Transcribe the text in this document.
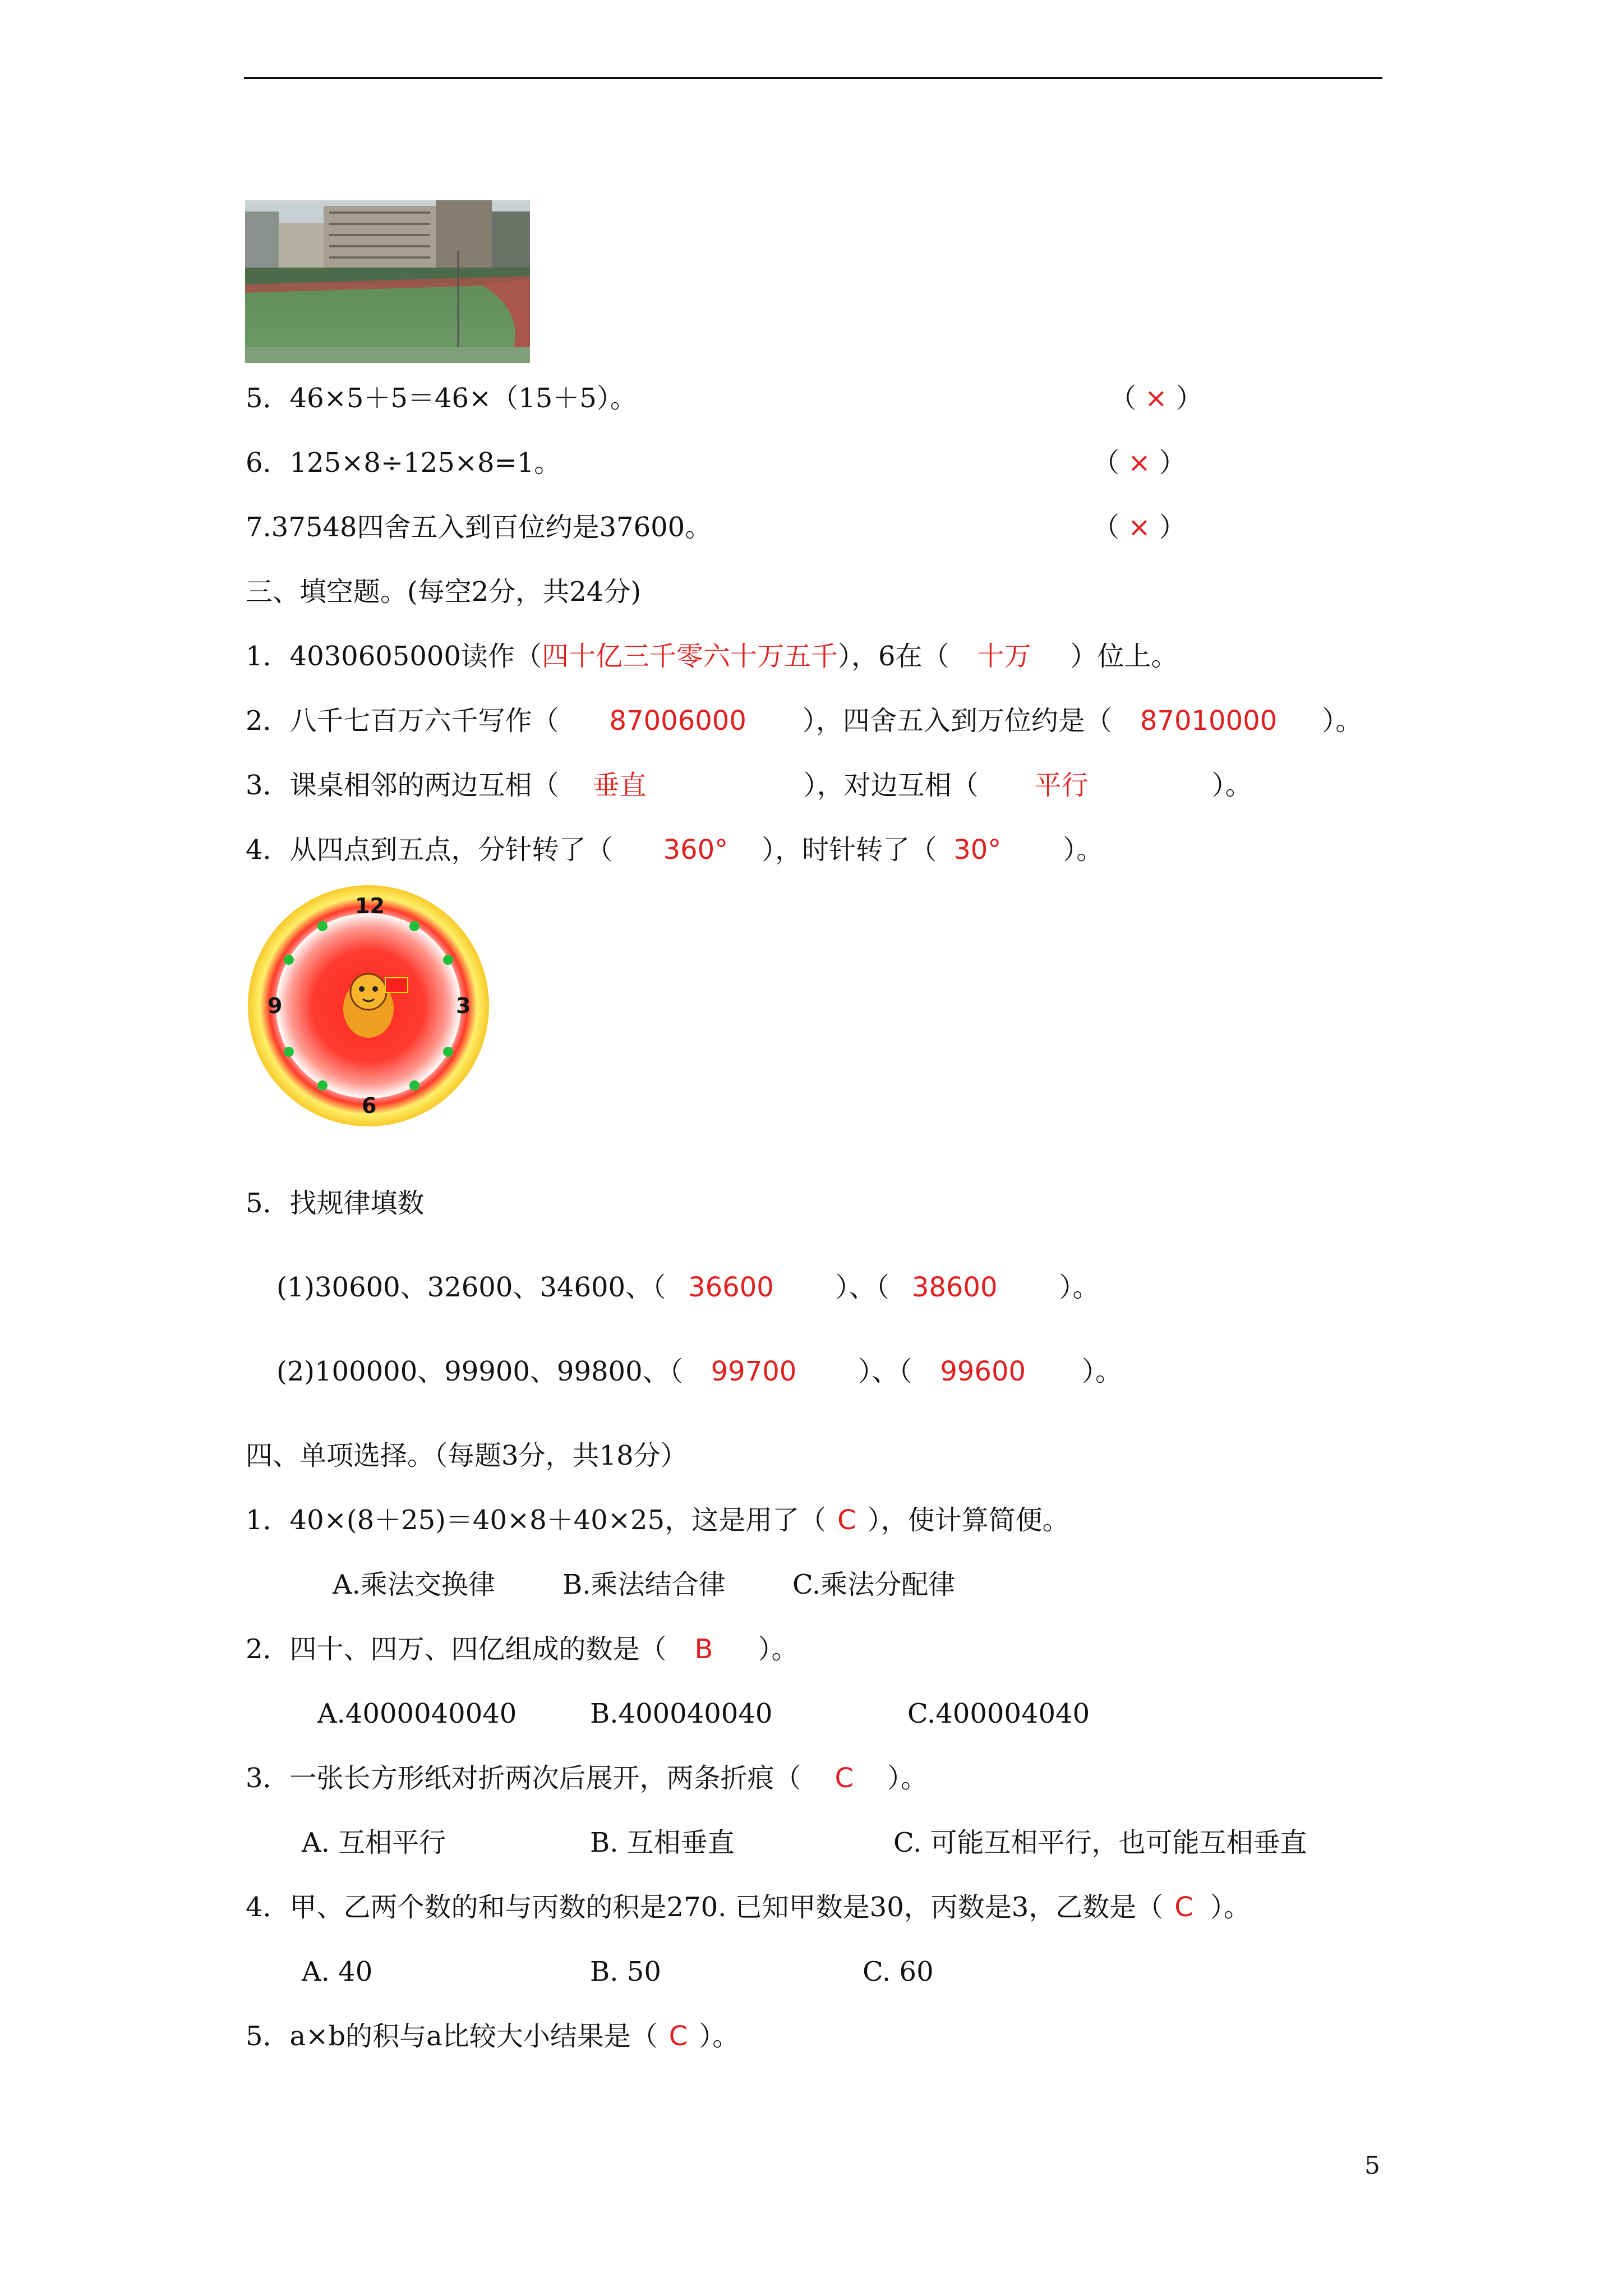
5．46×5＋5＝46×（15＋5）。	（ × ）
6．125×8÷125×8=1。	（ × ）
7.37548四舍五入到百位约是37600。	（ × ）
三、填空题。(每空2分，共24分)
1．4030605000读作（四十亿三千零六十万五千），6在（ 十万 ）位上。
2．八千七百万六千写作（ 87006000 ），四舍五入到万位约是（ 87010000 ）。
3．课桌相邻的两边互相（ 垂直	），对边互相（ 平行	）。
4．从四点到五点，分针转了（ 360° ），时针转了（ 30° ）。
12
3
6
9
5．找规律填数
(1)30600、32600、34600、（ 36600 ）、（ 38600 ）。
(2)100000、99900、99800、（ 99700 ）、（ 99600 ）。
四、单项选择。（每题3分，共18分）
1．40×(8＋25)＝40×8＋40×25，这是用了（ C ），使计算简便。
A.乘法交换律	B.乘法结合律 C.乘法分配律
2．四十、四万、四亿组成的数是（ B ）。
A.4000040040	B.400040040	C.400004040
3．一张长方形纸对折两次后展开，两条折痕（ C ）。
A. 互相平行	B. 互相垂直	C. 可能互相平行，也可能互相垂直
4．甲、乙两个数的和与丙数的积是270. 已知甲数是30，丙数是3，乙数是（ C ）。
A. 40	B. 50	C. 60
5．a×b的积与a比较大小结果是（ C ）。
5
